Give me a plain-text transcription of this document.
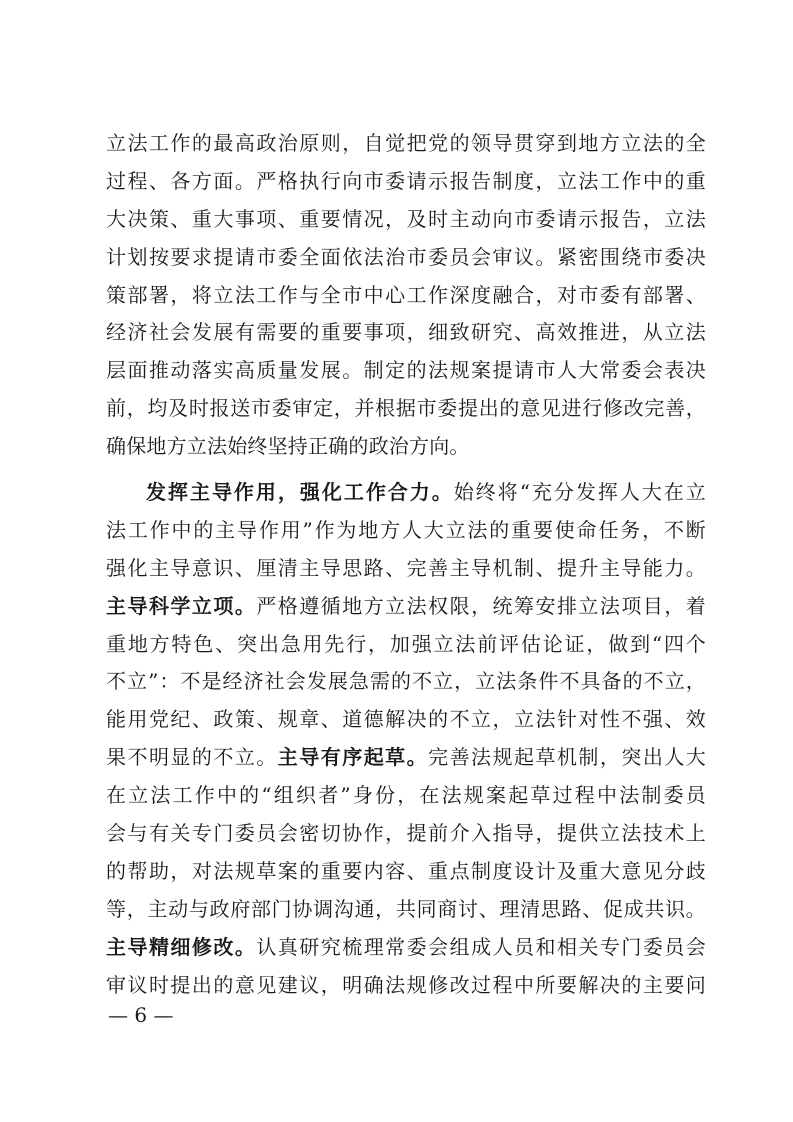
立法工作的最高政治原则，自觉把党的领导贯穿到地方立法的全
过程、各方面。严格执行向市委请示报告制度，立法工作中的重
大决策、重大事项、重要情况，及时主动向市委请示报告，立法
计划按要求提请市委全面依法治市委员会审议。紧密围绕市委决
策部署，将立法工作与全市中心工作深度融合，对市委有部署、
经济社会发展有需要的重要事项，细致研究、高效推进，从立法
层面推动落实高质量发展。制定的法规案提请市人大常委会表决
前，均及时报送市委审定，并根据市委提出的意见进行修改完善，
确保地方立法始终坚持正确的政治方向。
发挥主导作用，强化工作合力。始终将“充分发挥人大在立
法工作中的主导作用”作为地方人大立法的重要使命任务，不断
强化主导意识、厘清主导思路、完善主导机制、提升主导能力。
主导科学立项。严格遵循地方立法权限，统筹安排立法项目，着
重地方特色、突出急用先行，加强立法前评估论证，做到“四个
不立”：不是经济社会发展急需的不立，立法条件不具备的不立，
能用党纪、政策、规章、道德解决的不立，立法针对性不强、效
果不明显的不立。主导有序起草。完善法规起草机制，突出人大
在立法工作中的“组织者”身份，在法规案起草过程中法制委员
会与有关专门委员会密切协作，提前介入指导，提供立法技术上
的帮助，对法规草案的重要内容、重点制度设计及重大意见分歧
等，主动与政府部门协调沟通，共同商讨、理清思路、促成共识。
主导精细修改。认真研究梳理常委会组成人员和相关专门委员会
审议时提出的意见建议，明确法规修改过程中所要解决的主要问
— 6 —
